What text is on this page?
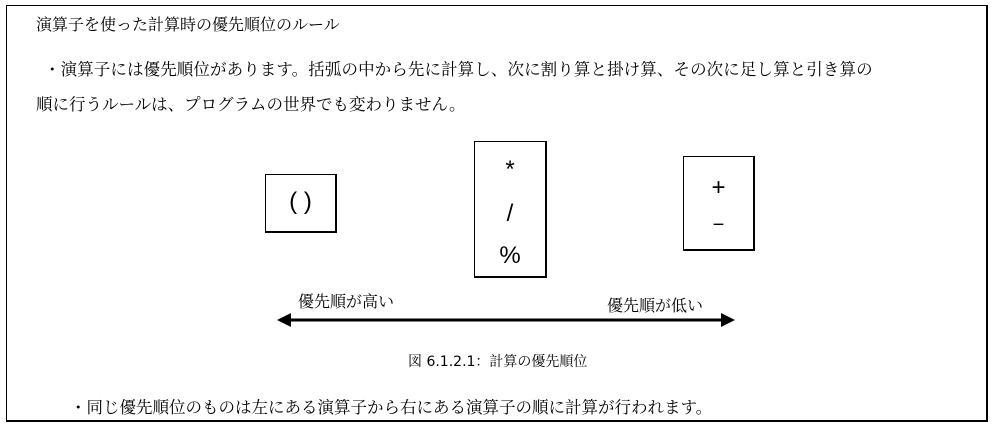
演算子を使った計算時の優先順位のルール
・演算子には優先順位があります。括弧の中から先に計算し、次に割り算と掛け算、その次に足し算と引き算の
順に行うルールは、プログラムの世界でも変わりません。
( )
*
/
%
+
−
優先順が高い	優先順が低い
図 6.1.2.1：計算の優先順位
・同じ優先順位のものは左にある演算子から右にある演算子の順に計算が行われます。
